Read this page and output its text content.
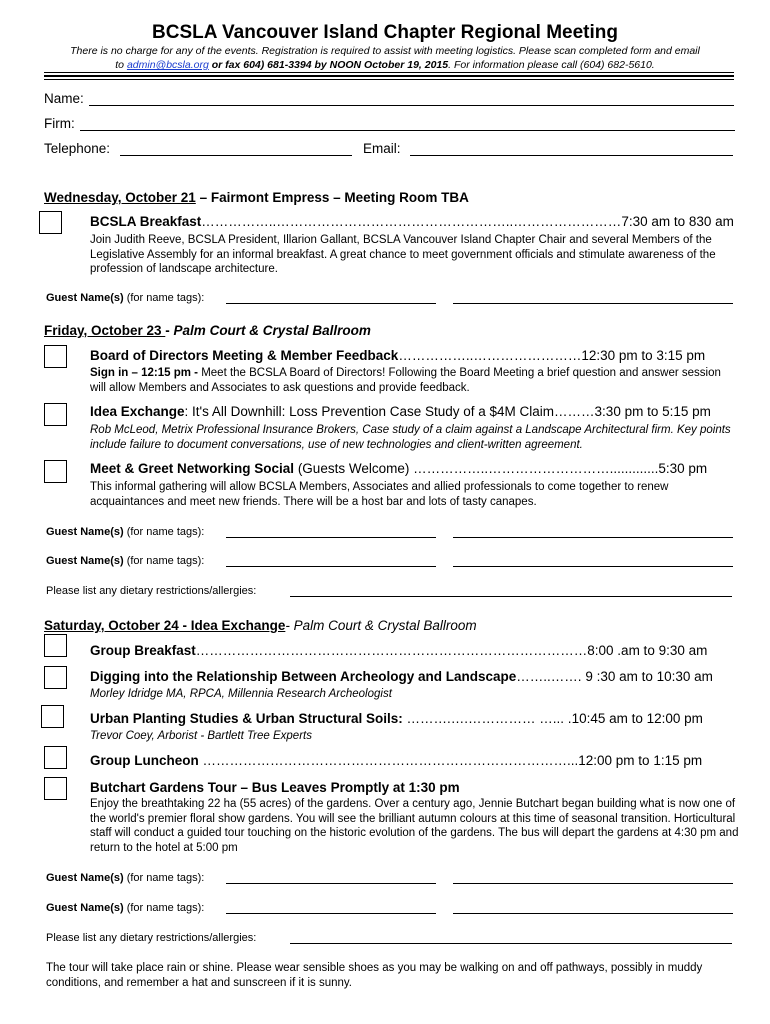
BCSLA Vancouver Island Chapter Regional Meeting
There is no charge for any of the events. Registration is required to assist with meeting logistics. Please scan completed form and email
to admin@bcsla.org or fax 604) 681-3394 by NOON October 19, 2015. For information please call (604) 682-5610.
Name:
Firm:
Telephone:	Email:
Wednesday, October 21 – Fairmont Empress – Meeting Room TBA
BCSLA Breakfast……………..……………………………………………..……………………7:30 am to 830 am
Join Judith Reeve, BCSLA President, Illarion Gallant, BCSLA Vancouver Island Chapter Chair and several Members of the Legislative Assembly for an informal breakfast. A great chance to meet government officials and stimulate awareness of the profession of landscape architecture.
Guest Name(s) (for name tags):
Friday, October 23 - Palm Court & Crystal Ballroom
Board of Directors Meeting & Member Feedback……………..……………………12:30 pm to 3:15 pm
Sign in – 12:15 pm - Meet the BCSLA Board of Directors! Following the Board Meeting a brief question and answer session will allow Members and Associates to ask questions and provide feedback.
Idea Exchange: It's All Downhill: Loss Prevention Case Study of a $4M Claim………3:30 pm to 5:15 pm
Rob McLeod, Metrix Professional Insurance Brokers, Case study of a claim against a Landscape Architectural firm. Key points include failure to document conversations, use of new technologies and client-written agreement.
Meet & Greet Networking Social (Guests Welcome) ……………..……………………….............5:30 pm
This informal gathering will allow BCSLA Members, Associates and allied professionals to come together to renew acquaintances and meet new friends. There will be a host bar and lots of tasty canapes.
Guest Name(s) (for name tags):
Guest Name(s) (for name tags):
Please list any dietary restrictions/allergies:
Saturday, October 24 - Idea Exchange- Palm Court & Crystal Ballroom
Group Breakfast……………………………………………………………………………8:00 .am to 9:30 am
Digging into the Relationship Between Archeology and Landscape……..……. 9 :30 am to 10:30 am
Morley Idridge MA, RPCA, Millennia Research Archeologist
Urban Planting Studies & Urban Structural Soils: ……….….…………… …... .10:45 am to 12:00 pm
Trevor Coey, Arborist - Bartlett Tree Experts
Group Luncheon ………………………………………………………………………...12:00 pm to 1:15 pm
Butchart Gardens Tour – Bus Leaves Promptly at 1:30 pm
Enjoy the breathtaking 22 ha (55 acres) of the gardens. Over a century ago, Jennie Butchart began building what is now one of the world's premier floral show gardens. You will see the brilliant autumn colours at this time of seasonal transition. Horticultural staff will conduct a guided tour touching on the historic evolution of the gardens. The bus will depart the gardens at 4:30 pm and return to the hotel at 5:00 pm
Guest Name(s) (for name tags):
Guest Name(s) (for name tags):
Please list any dietary restrictions/allergies:
The tour will take place rain or shine. Please wear sensible shoes as you may be walking on and off pathways, possibly in muddy conditions, and remember a hat and sunscreen if it is sunny.
